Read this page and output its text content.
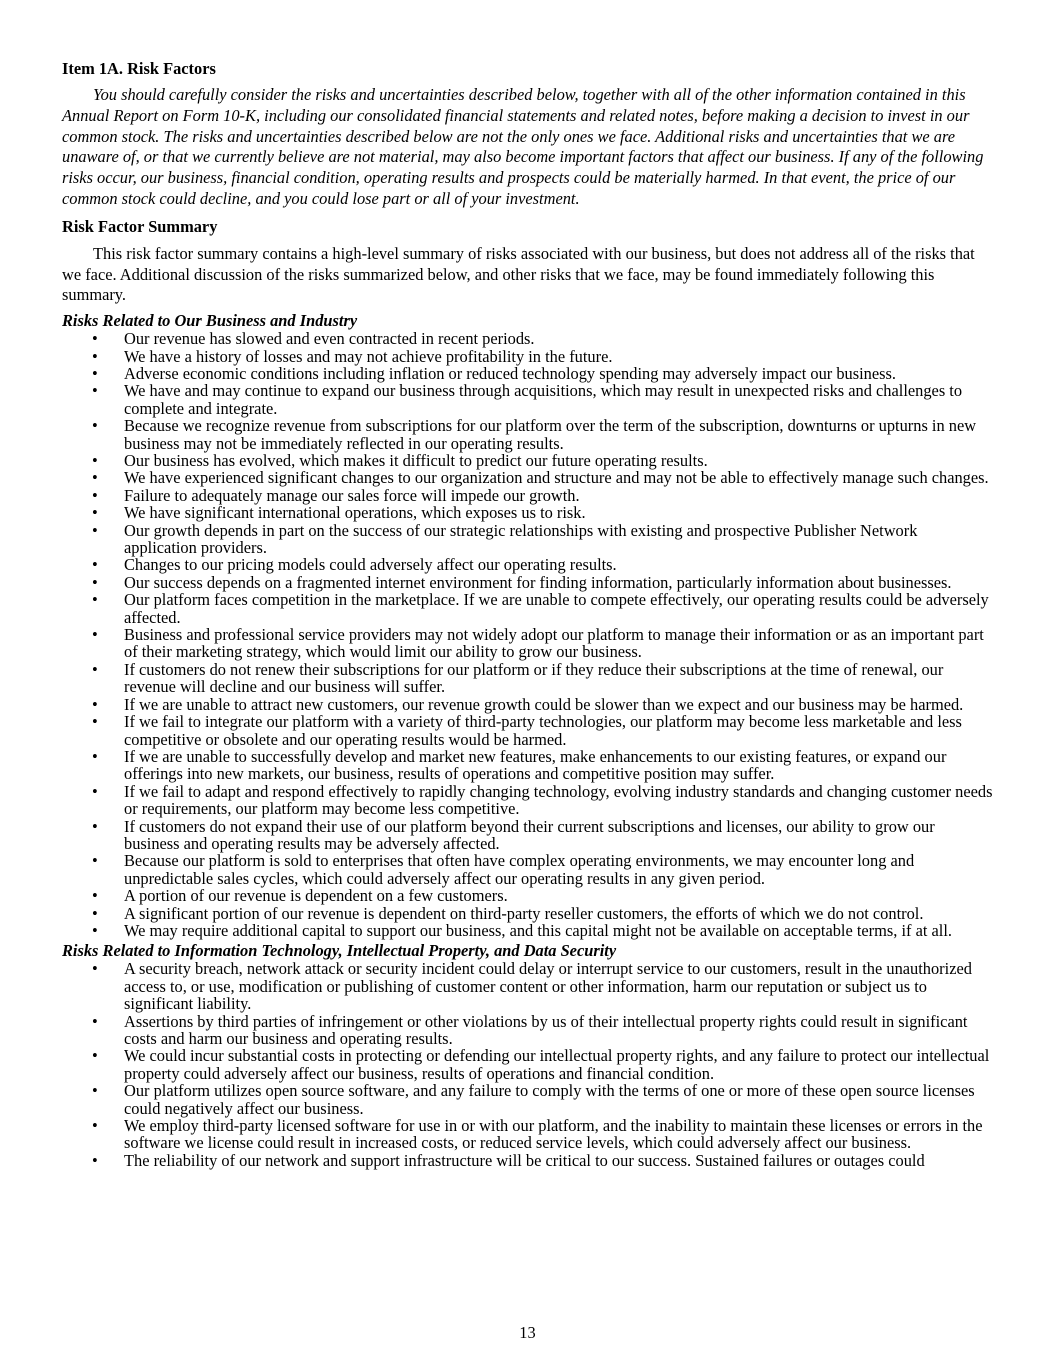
Item 1A. Risk Factors

You should carefully consider the risks and uncertainties described below, together with all of the other information contained in this Annual Report on Form 10-K, including our consolidated financial statements and related notes, before making a decision to invest in our common stock. The risks and uncertainties described below are not the only ones we face. Additional risks and uncertainties that we are unaware of, or that we currently believe are not material, may also become important factors that affect our business. If any of the following risks occur, our business, financial condition, operating results and prospects could be materially harmed. In that event, the price of our common stock could decline, and you could lose part or all of your investment.

Risk Factor Summary

This risk factor summary contains a high-level summary of risks associated with our business, but does not address all of the risks that we face. Additional discussion of the risks summarized below, and other risks that we face, may be found immediately following this summary.

Risks Related to Our Business and Industry

• Our revenue has slowed and even contracted in recent periods.
• We have a history of losses and may not achieve profitability in the future.
• Adverse economic conditions including inflation or reduced technology spending may adversely impact our business.
• We have and may continue to expand our business through acquisitions, which may result in unexpected risks and challenges to complete and integrate.
• Because we recognize revenue from subscriptions for our platform over the term of the subscription, downturns or upturns in new business may not be immediately reflected in our operating results.
• Our business has evolved, which makes it difficult to predict our future operating results.
• We have experienced significant changes to our organization and structure and may not be able to effectively manage such changes.
• Failure to adequately manage our sales force will impede our growth.
• We have significant international operations, which exposes us to risk.
• Our growth depends in part on the success of our strategic relationships with existing and prospective Publisher Network application providers.
• Changes to our pricing models could adversely affect our operating results.
• Our success depends on a fragmented internet environment for finding information, particularly information about businesses.
• Our platform faces competition in the marketplace. If we are unable to compete effectively, our operating results could be adversely affected.
• Business and professional service providers may not widely adopt our platform to manage their information or as an important part of their marketing strategy, which would limit our ability to grow our business.
• If customers do not renew their subscriptions for our platform or if they reduce their subscriptions at the time of renewal, our revenue will decline and our business will suffer.
• If we are unable to attract new customers, our revenue growth could be slower than we expect and our business may be harmed.
• If we fail to integrate our platform with a variety of third-party technologies, our platform may become less marketable and less competitive or obsolete and our operating results would be harmed.
• If we are unable to successfully develop and market new features, make enhancements to our existing features, or expand our offerings into new markets, our business, results of operations and competitive position may suffer.
• If we fail to adapt and respond effectively to rapidly changing technology, evolving industry standards and changing customer needs or requirements, our platform may become less competitive.
• If customers do not expand their use of our platform beyond their current subscriptions and licenses, our ability to grow our business and operating results may be adversely affected.
• Because our platform is sold to enterprises that often have complex operating environments, we may encounter long and unpredictable sales cycles, which could adversely affect our operating results in any given period.
• A portion of our revenue is dependent on a few customers.
• A significant portion of our revenue is dependent on third-party reseller customers, the efforts of which we do not control.
• We may require additional capital to support our business, and this capital might not be available on acceptable terms, if at all.

Risks Related to Information Technology, Intellectual Property, and Data Security

• A security breach, network attack or security incident could delay or interrupt service to our customers, result in the unauthorized access to, or use, modification or publishing of customer content or other information, harm our reputation or subject us to significant liability.
• Assertions by third parties of infringement or other violations by us of their intellectual property rights could result in significant costs and harm our business and operating results.
• We could incur substantial costs in protecting or defending our intellectual property rights, and any failure to protect our intellectual property could adversely affect our business, results of operations and financial condition.
• Our platform utilizes open source software, and any failure to comply with the terms of one or more of these open source licenses could negatively affect our business.
• We employ third-party licensed software for use in or with our platform, and the inability to maintain these licenses or errors in the software we license could result in increased costs, or reduced service levels, which could adversely affect our business.
• The reliability of our network and support infrastructure will be critical to our success. Sustained failures or outages could
13
